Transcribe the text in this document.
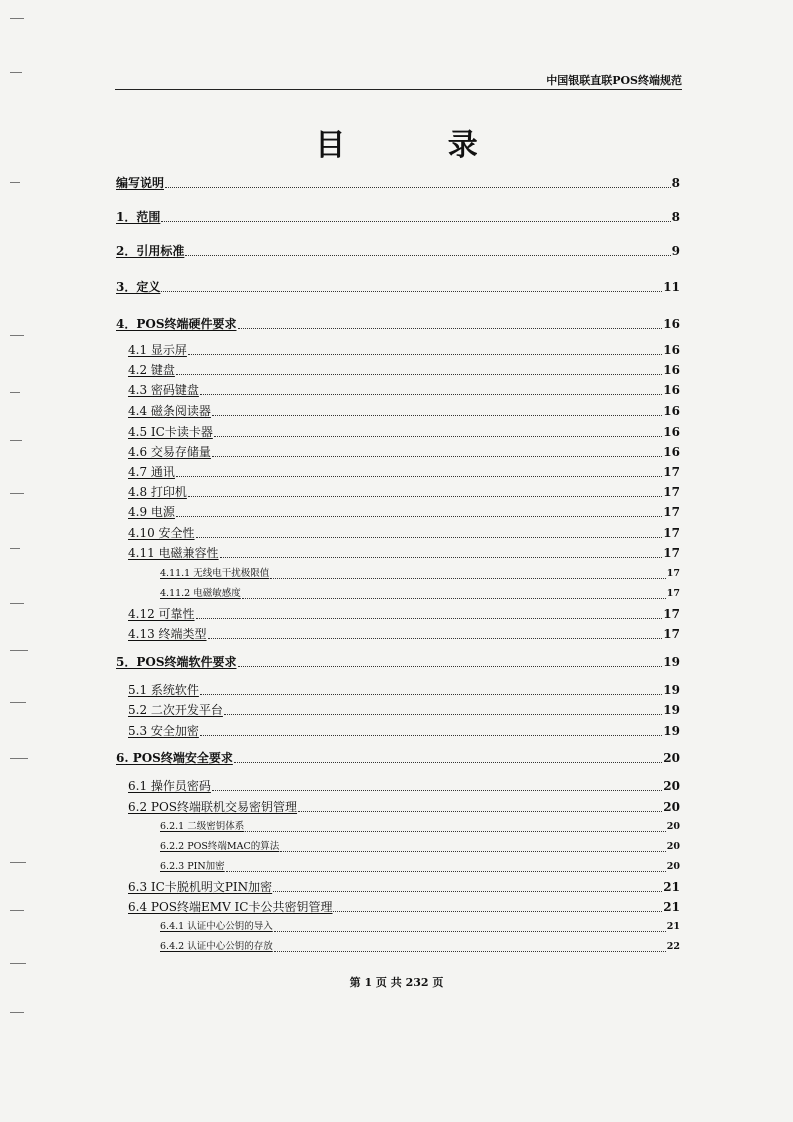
中国银联直联POS终端规范
目 录
编写说明	8
1．范围	8
2．引用标准	9
3．定义	11
4．POS终端硬件要求	16
4.1 显示屏	16
4.2 键盘	16
4.3 密码键盘	16
4.4 磁条阅读器	16
4.5 IC卡读卡器	16
4.6 交易存储量	16
4.7 通讯	17
4.8 打印机	17
4.9 电源	17
4.10 安全性	17
4.11 电磁兼容性	17
4.11.1 无线电干扰极限值	17
4.11.2 电磁敏感度	17
4.12 可靠性	17
4.13 终端类型	17
5．POS终端软件要求	19
5.1 系统软件	19
5.2 二次开发平台	19
5.3 安全加密	19
6. POS终端安全要求	20
6.1 操作员密码	20
6.2 POS终端联机交易密钥管理	20
6.2.1 二级密钥体系	20
6.2.2 POS终端MAC的算法	20
6.2.3 PIN加密	20
6.3 IC卡脱机明文PIN加密	21
6.4 POS终端EMV IC卡公共密钥管理	21
6.4.1 认证中心公钥的导入	21
6.4.2 认证中心公钥的存放	22
第 1 页 共 232 页
